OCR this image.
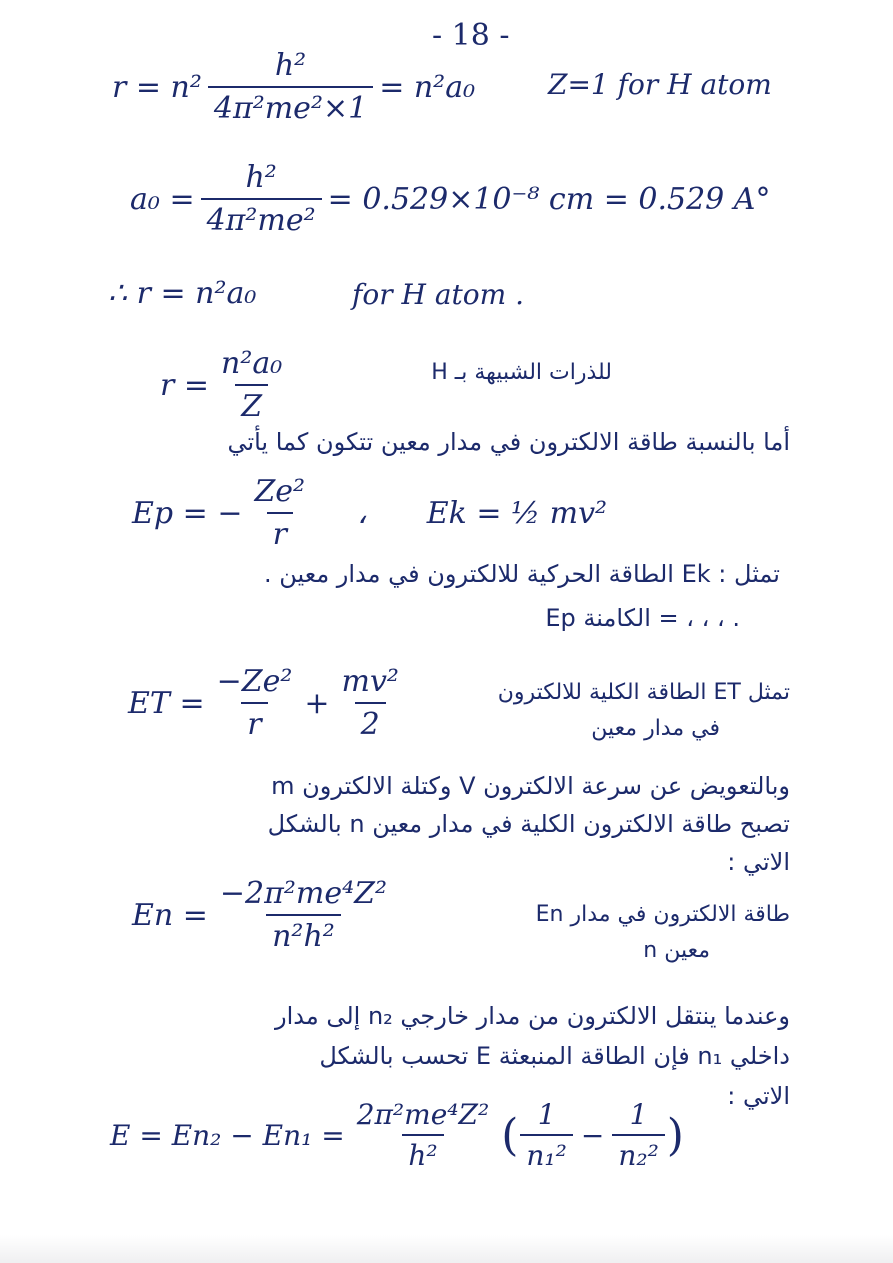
- 18 -
$r = n^2 \frac{\text{h²}}{\text{4π²me²×1}} = n^2a_0$	Z=1 for H atom
$a_0 = \frac{\text{h²}}{\text{4π²me²}} = 0.529\times 10^{-8}$ cm = 0.529 A°
∴ r = n²a₀	for H atom .
$r = \frac{\text{n²a₀}}{Z}$	للذرات الشبيهة بـ H
أما بالنسبة طاقة الالكترون في مدار معين تتكون كما يأتي
Ep = − $\frac{\text{Ze²}}{r}$ ، Ek = ½ mv²
تمثل : Ek الطاقة الحركية للالكترون في مدار معين .
. ، ، ، = الكامنة Ep
ET = $\frac{\text{−Ze²}}{r} + \frac{\text{mv²}}{2}$	تمثل ET الطاقة الكلية للالكترون
في مدار معين
وبالتعويض عن سرعة الالكترون V وكتلة الالكترون m
تصبح طاقة الالكترون الكلية في مدار معين n بالشكل
الاتي :
$En = \frac{\text{−2π²me⁴Z²}}{\text{n²h²}}$	En طاقة الالكترون في مدار
معين n
وعندما ينتقل الالكترون من مدار خارجي n₂ إلى مدار
داخلي n₁ فإن الطاقة المنبعثة E تحسب بالشكل
الاتي :
$E = En_2 - En_1 = \frac{\text{2π²me⁴Z²}}{\text{h²}}$ ( $\frac{1}{\text{n₁²}} - \frac{1}{\text{n₂²}}$ )
